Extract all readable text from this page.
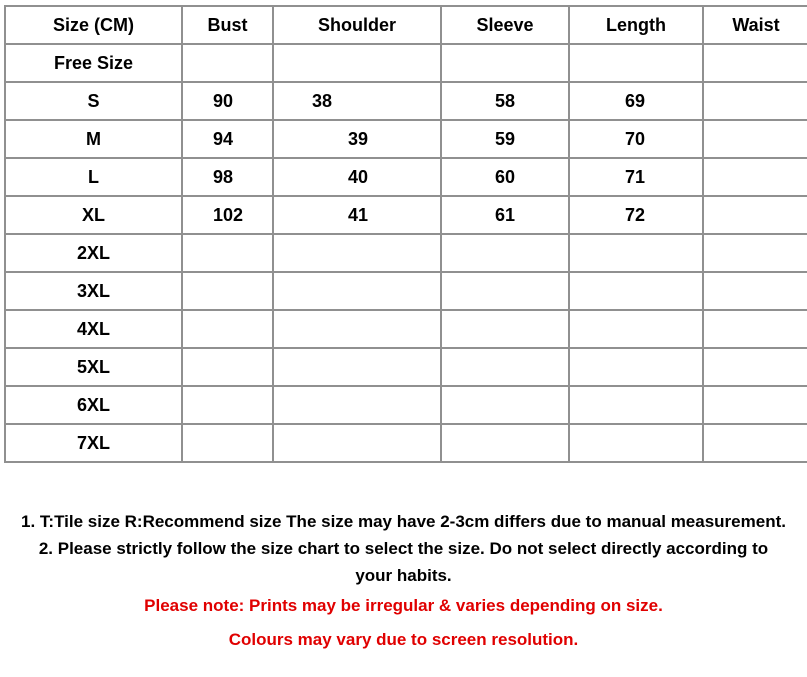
Size (CM)	Bust	Shoulder	Sleeve	Length	Waist
Free Size					
S	90	38	58	69	
M	94	39	59	70	
L	98	40	60	71	
XL	102	41	61	72	
2XL					
3XL					
4XL					
5XL					
6XL					
7XL					

1. T:Tile size R:Recommend size The size may have 2-3cm differs due to manual measurement.

2. Please strictly follow the size chart to select the size. Do not select directly according to

your habits.

Please note: Prints may be irregular & varies depending on size.

Colours may vary due to screen resolution.
